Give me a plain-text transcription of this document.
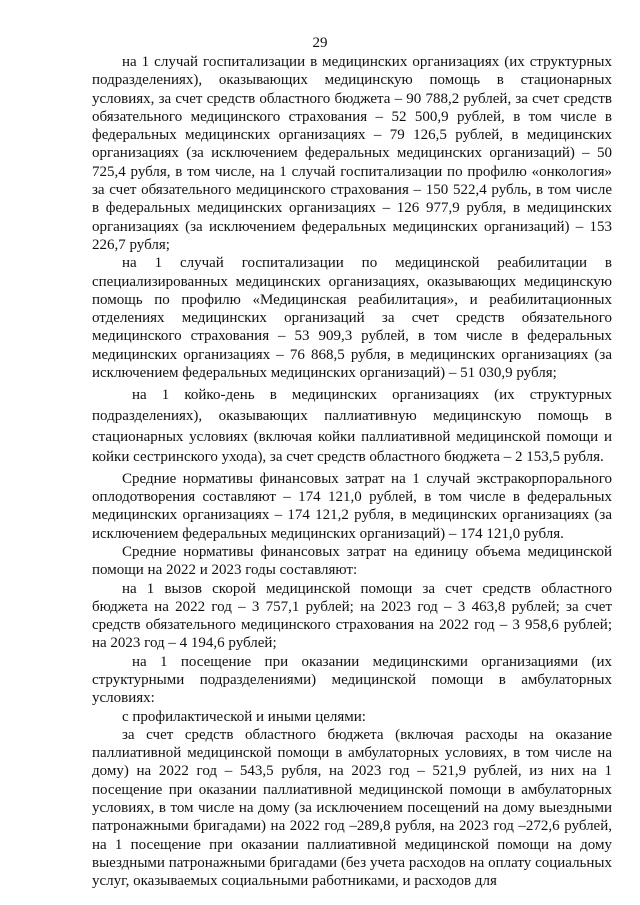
29

на 1 случай госпитализации в медицинских организациях (их структурных подразделениях), оказывающих медицинскую помощь в стационарных условиях, за счет средств областного бюджета – 90 788,2 рублей, за счет средств обязательного медицинского страхования – 52 500,9 рублей, в том числе в федеральных медицинских организациях – 79 126,5 рублей, в медицинских организациях (за исключением федеральных медицинских организаций) – 50 725,4 рубля, в том числе, на 1 случай госпитализации по профилю «онкология» за счет обязательного медицинского страхования – 150 522,4 рубль, в том числе в федеральных медицинских организациях – 126 977,9 рубля, в медицинских организациях (за исключением федеральных медицинских организаций) – 153 226,7 рубля;

на 1 случай госпитализации по медицинской реабилитации в специализированных медицинских организациях, оказывающих медицинскую помощь по профилю «Медицинская реабилитация», и реабилитационных отделениях медицинских организаций за счет средств обязательного медицинского страхования – 53 909,3 рублей, в том числе в федеральных медицинских организациях – 76 868,5 рубля, в медицинских организациях (за исключением федеральных медицинских организаций) – 51 030,9 рубля;

на 1 койко-день в медицинских организациях (их структурных подразделениях), оказывающих паллиативную медицинскую помощь в стационарных условиях (включая койки паллиативной медицинской помощи и койки сестринского ухода), за счет средств областного бюджета – 2 153,5 рубля.

Средние нормативы финансовых затрат на 1 случай экстракорпорального оплодотворения составляют – 174 121,0 рублей, в том числе в федеральных медицинских организациях – 174 121,2 рубля, в медицинских организациях (за исключением федеральных медицинских организаций) – 174 121,0 рубля.

Средние нормативы финансовых затрат на единицу объема медицинской помощи на 2022 и 2023 годы составляют:

на 1 вызов скорой медицинской помощи за счет средств областного бюджета на 2022 год – 3 757,1 рублей; на 2023 год – 3 463,8 рублей; за счет средств обязательного медицинского страхования на 2022 год – 3 958,6 рублей; на 2023 год – 4 194,6 рублей;

на 1 посещение при оказании медицинскими организациями (их структурными подразделениями) медицинской помощи в амбулаторных условиях:

с профилактической и иными целями:

за счет средств областного бюджета (включая расходы на оказание паллиативной медицинской помощи в амбулаторных условиях, в том числе на дому) на 2022 год – 543,5 рубля, на 2023 год – 521,9 рублей, из них на 1 посещение при оказании паллиативной медицинской помощи в амбулаторных условиях, в том числе на дому (за исключением посещений на дому выездными патронажными бригадами) на 2022 год –289,8 рубля, на 2023 год –272,6 рублей, на 1 посещение при оказании паллиативной медицинской помощи на дому выездными патронажными бригадами (без учета расходов на оплату социальных услуг, оказываемых социальными работниками, и расходов для
